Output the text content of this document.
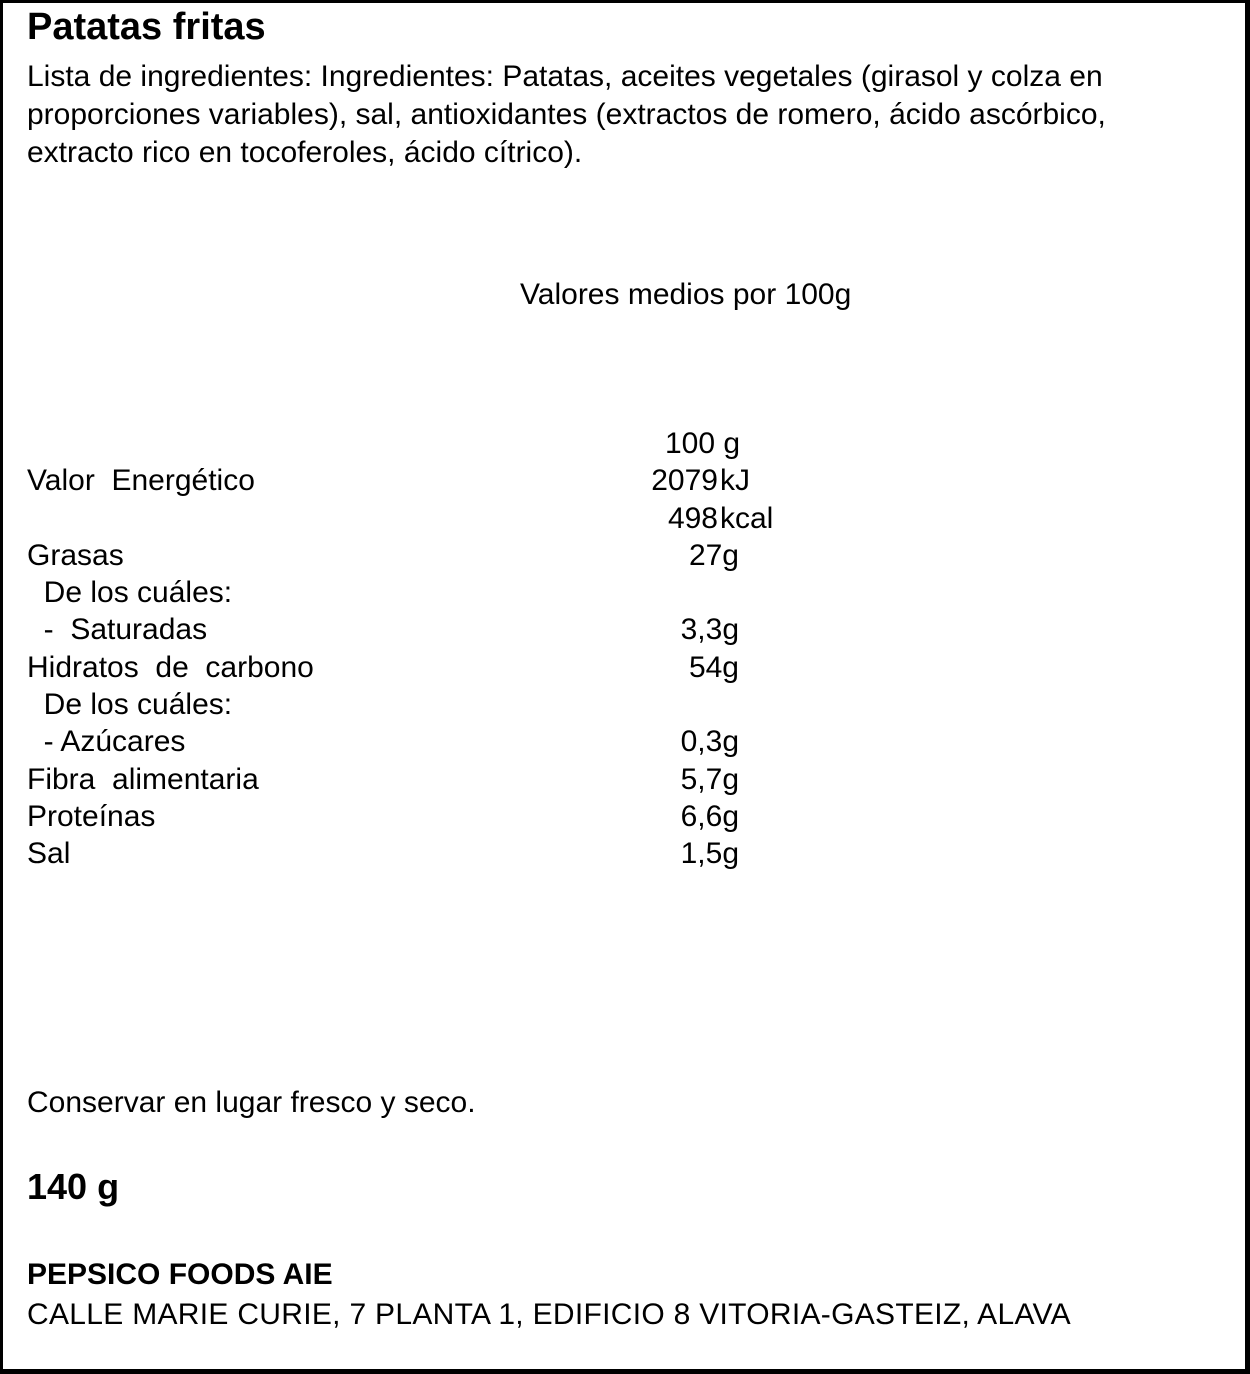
Patatas fritas
Lista de ingredientes: Ingredientes: Patatas, aceites vegetales (girasol y colza en proporciones variables), sal, antioxidantes (extractos de romero, ácido ascórbico, extracto rico en tocoferoles, ácido cítrico).
Valores medios por 100g
100 g
Valor  Energético	2079 kJ
498 kcal
Grasas	27g
De los cuáles:
-  Saturadas	3,3g
Hidratos  de  carbono	54g
De los cuáles:
- Azúcares	0,3g
Fibra  alimentaria	5,7g
Proteínas	6,6g
Sal	1,5g
Conservar en lugar fresco y seco.
140 g
PEPSICO FOODS AIE
CALLE MARIE CURIE, 7 PLANTA 1, EDIFICIO 8 VITORIA-GASTEIZ, ALAVA
